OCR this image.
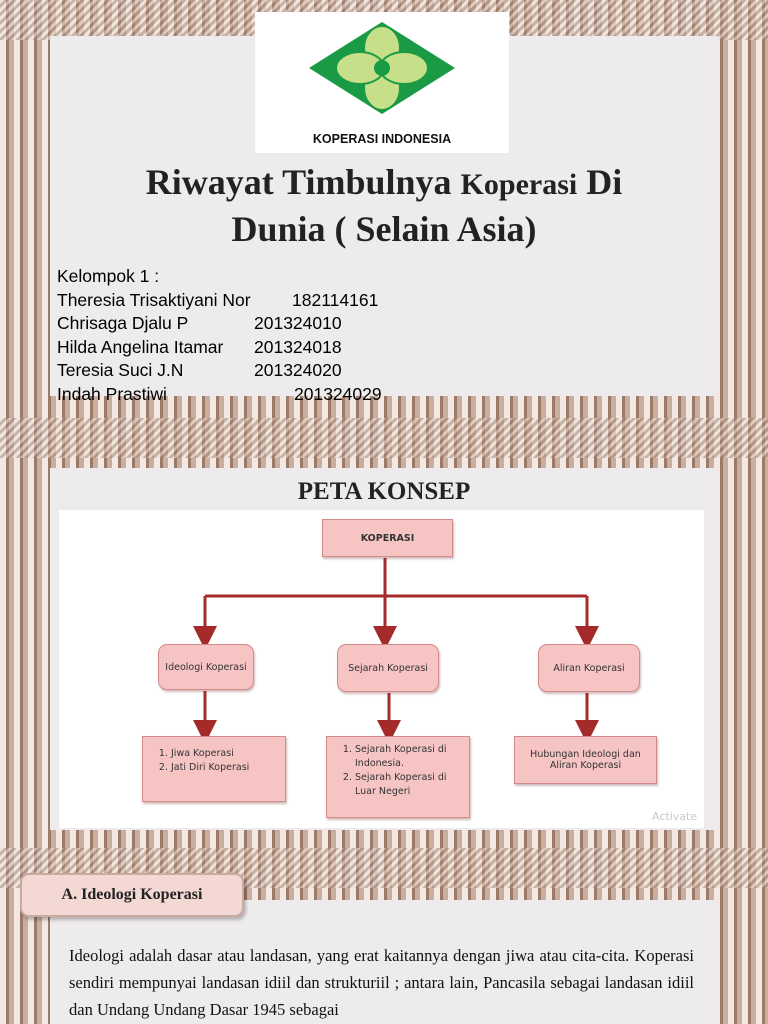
KOPERASI INDONESIA
Riwayat Timbulnya Koperasi Di
Dunia ( Selain Asia)
Kelompok 1 :
Theresia Trisaktiyani Nor 182114161
Chrisaga Djalu P	201324010
Hilda Angelina Itamar 201324018
Teresia Suci J.N	201324020
Indah Prastiwi	201324029
PETA KONSEP
KOPERASI
Ideologi Koperasi	Sejarah Koperasi	Aliran Koperasi
1. Jiwa Koperasi
2. Jati Diri Koperasi
1. Sejarah Koperasi di Indonesia.
2. Sejarah Koperasi di Luar Negeri
Hubungan Ideologi dan Aliran Koperasi
Activate
A. Ideologi Koperasi
Ideologi adalah dasar atau landasan, yang erat kaitannya dengan jiwa atau cita-cita. Koperasi sendiri mempunyai landasan idiil dan strukturiil ; antara lain, Pancasila sebagai landasan idiil dan Undang Undang Dasar 1945 sebagai
